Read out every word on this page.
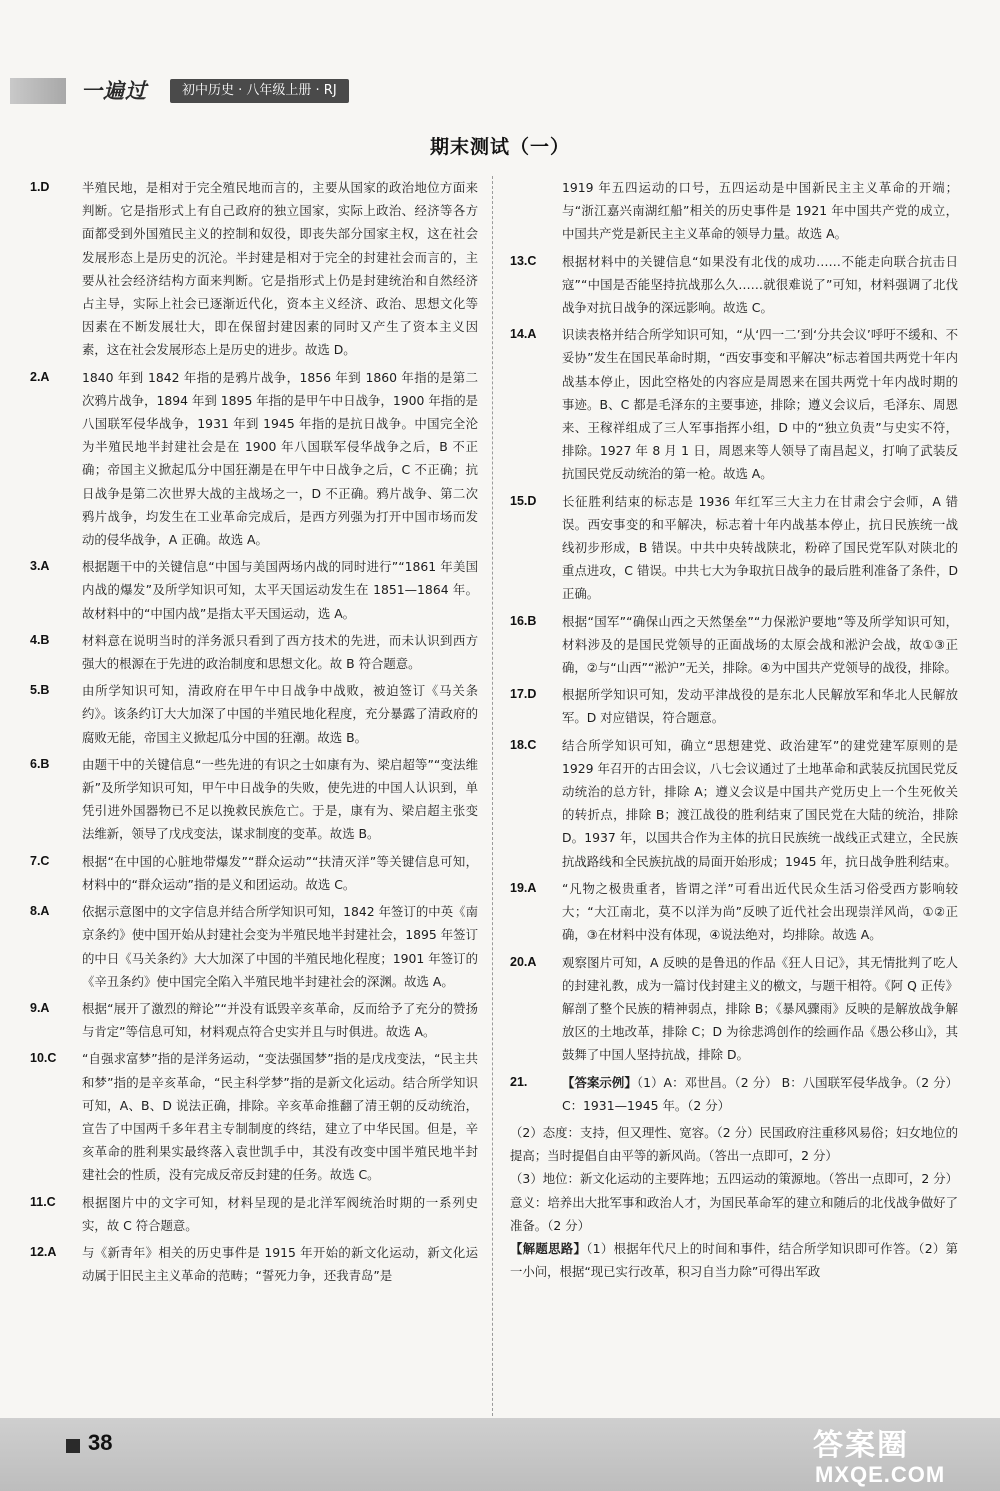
一遍过	初中历史 · 八年级上册 · RJ
期末测试（一）
1.D	半殖民地，是相对于完全殖民地而言的，主要从国家的政治地位方面来判断。它是指形式上有自己政府的独立国家，实际上政治、经济等各方面都受到外国殖民主义的控制和奴役，即丧失部分国家主权，这在社会发展形态上是历史的沉沦。半封建是相对于完全的封建社会而言的，主要从社会经济结构方面来判断。它是指形式上仍是封建统治和自然经济占主导，实际上社会已逐渐近代化，资本主义经济、政治、思想文化等因素在不断发展壮大，即在保留封建因素的同时又产生了资本主义因素，这在社会发展形态上是历史的进步。故选 D。
2.A	1840 年到 1842 年指的是鸦片战争，1856 年到 1860 年指的是第二次鸦片战争，1894 年到 1895 年指的是甲午中日战争，1900 年指的是八国联军侵华战争，1931 年到 1945 年指的是抗日战争。中国完全沦为半殖民地半封建社会是在 1900 年八国联军侵华战争之后，B 不正确；帝国主义掀起瓜分中国狂潮是在甲午中日战争之后，C 不正确；抗日战争是第二次世界大战的主战场之一，D 不正确。鸦片战争、第二次鸦片战争，均发生在工业革命完成后，是西方列强为打开中国市场而发动的侵华战争，A 正确。故选 A。
3.A	根据题干中的关键信息“中国与美国两场内战的同时进行”“1861 年美国内战的爆发”及所学知识可知，太平天国运动发生在 1851—1864 年。故材料中的“中国内战”是指太平天国运动，选 A。
4.B	材料意在说明当时的洋务派只看到了西方技术的先进，而未认识到西方强大的根源在于先进的政治制度和思想文化。故 B 符合题意。
5.B	由所学知识可知，清政府在甲午中日战争中战败，被迫签订《马关条约》。该条约订大大加深了中国的半殖民地化程度，充分暴露了清政府的腐败无能，帝国主义掀起瓜分中国的狂潮。故选 B。
6.B	由题干中的关键信息“一些先进的有识之士如康有为、梁启超等”“变法维新”及所学知识可知，甲午中日战争的失败，使先进的中国人认识到，单凭引进外国器物已不足以挽救民族危亡。于是，康有为、梁启超主张变法维新，领导了戊戌变法，谋求制度的变革。故选 B。
7.C	根据“在中国的心脏地带爆发”“群众运动”“扶清灭洋”等关键信息可知，材料中的“群众运动”指的是义和团运动。故选 C。
8.A	依据示意图中的文字信息并结合所学知识可知，1842 年签订的中英《南京条约》使中国开始从封建社会变为半殖民地半封建社会，1895 年签订的中日《马关条约》大大加深了中国的半殖民地化程度；1901 年签订的《辛丑条约》使中国完全陷入半殖民地半封建社会的深渊。故选 A。
9.A	根据“展开了激烈的辩论”“并没有诋毁辛亥革命，反而给予了充分的赞扬与肯定”等信息可知，材料观点符合史实并且与时俱进。故选 A。
10.C	“自强求富梦”指的是洋务运动，“变法强国梦”指的是戊戌变法，“民主共和梦”指的是辛亥革命，“民主科学梦”指的是新文化运动。结合所学知识可知，A、B、D 说法正确，排除。辛亥革命推翻了清王朝的反动统治，宣告了中国两千多年君主专制制度的终结，建立了中华民国。但是，辛亥革命的胜利果实最终落入袁世凯手中，其没有改变中国半殖民地半封建社会的性质，没有完成反帝反封建的任务。故选 C。
11.C	根据图片中的文字可知，材料呈现的是北洋军阀统治时期的一系列史实，故 C 符合题意。
12.A	与《新青年》相关的历史事件是 1915 年开始的新文化运动，新文化运动属于旧民主主义革命的范畴；“誓死力争，还我青岛”是
1919 年五四运动的口号，五四运动是中国新民主主义革命的开端；与“浙江嘉兴南湖红船”相关的历史事件是 1921 年中国共产党的成立，中国共产党是新民主主义革命的领导力量。故选 A。
13.C	根据材料中的关键信息“如果没有北伐的成功……不能走向联合抗击日寇”“中国是否能坚持抗战那么久……就很难说了”可知，材料强调了北伐战争对抗日战争的深远影响。故选 C。
14.A	识读表格并结合所学知识可知，“从‘四一二’到‘分共会议’呼吁不缓和、不妥协”发生在国民革命时期，“西安事变和平解决”标志着国共两党十年内战基本停止，因此空格处的内容应是周恩来在国共两党十年内战时期的事迹。B、C 都是毛泽东的主要事迹，排除；遵义会议后，毛泽东、周恩来、王稼祥组成了三人军事指挥小组，D 中的“独立负责”与史实不符，排除。1927 年 8 月 1 日，周恩来等人领导了南昌起义，打响了武装反抗国民党反动统治的第一枪。故选 A。
15.D	长征胜利结束的标志是 1936 年红军三大主力在甘肃会宁会师，A 错误。西安事变的和平解决，标志着十年内战基本停止，抗日民族统一战线初步形成，B 错误。中共中央转战陕北，粉碎了国民党军队对陕北的重点进攻，C 错误。中共七大为争取抗日战争的最后胜利准备了条件，D 正确。
16.B	根据“国军”“确保山西之天然堡垒”“力保淞沪要地”等及所学知识可知，材料涉及的是国民党领导的正面战场的太原会战和淞沪会战，故①③正确，②与“山西”“淞沪”无关，排除。④为中国共产党领导的战役，排除。
17.D	根据所学知识可知，发动平津战役的是东北人民解放军和华北人民解放军。D 对应错误，符合题意。
18.C	结合所学知识可知，确立“思想建党、政治建军”的建党建军原则的是 1929 年召开的古田会议，八七会议通过了土地革命和武装反抗国民党反动统治的总方针，排除 A；遵义会议是中国共产党历史上一个生死攸关的转折点，排除 B；渡江战役的胜利结束了国民党在大陆的统治，排除 D。1937 年，以国共合作为主体的抗日民族统一战线正式建立，全民族抗战路线和全民族抗战的局面开始形成；1945 年，抗日战争胜利结束。
19.A	“凡物之极贵重者，皆谓之洋”可看出近代民众生活习俗受西方影响较大；“大江南北，莫不以洋为尚”反映了近代社会出现崇洋风尚，①②正确，③在材料中没有体现，④说法绝对，均排除。故选 A。
20.A	观察图片可知，A 反映的是鲁迅的作品《狂人日记》，其无情批判了吃人的封建礼教，成为一篇讨伐封建主义的檄文，与题干相符。《阿 Q 正传》解剖了整个民族的精神弱点，排除 B；《暴风骤雨》反映的是解放战争解放区的土地改革，排除 C；D 为徐悲鸿创作的绘画作品《愚公移山》，其鼓舞了中国人坚持抗战，排除 D。
21.	【答案示例】（1）A：邓世昌。（2 分） B：八国联军侵华战争。（2 分） C：1931—1945 年。（2 分）

（2）态度：支持，但又理性、宽容。（2 分）民国政府注重移风易俗；妇女地位的提高；当时提倡自由平等的新风尚。（答出一点即可，2 分）

（3）地位：新文化运动的主要阵地；五四运动的策源地。（答出一点即可，2 分）意义：培养出大批军事和政治人才，为国民革命军的建立和随后的北伐战争做好了准备。（2 分）

【解题思路】（1）根据年代尺上的时间和事件，结合所学知识即可作答。（2）第一小问，根据“现已实行改革，积习自当力除”可得出军政

38	答案圈
MXQE.COM
